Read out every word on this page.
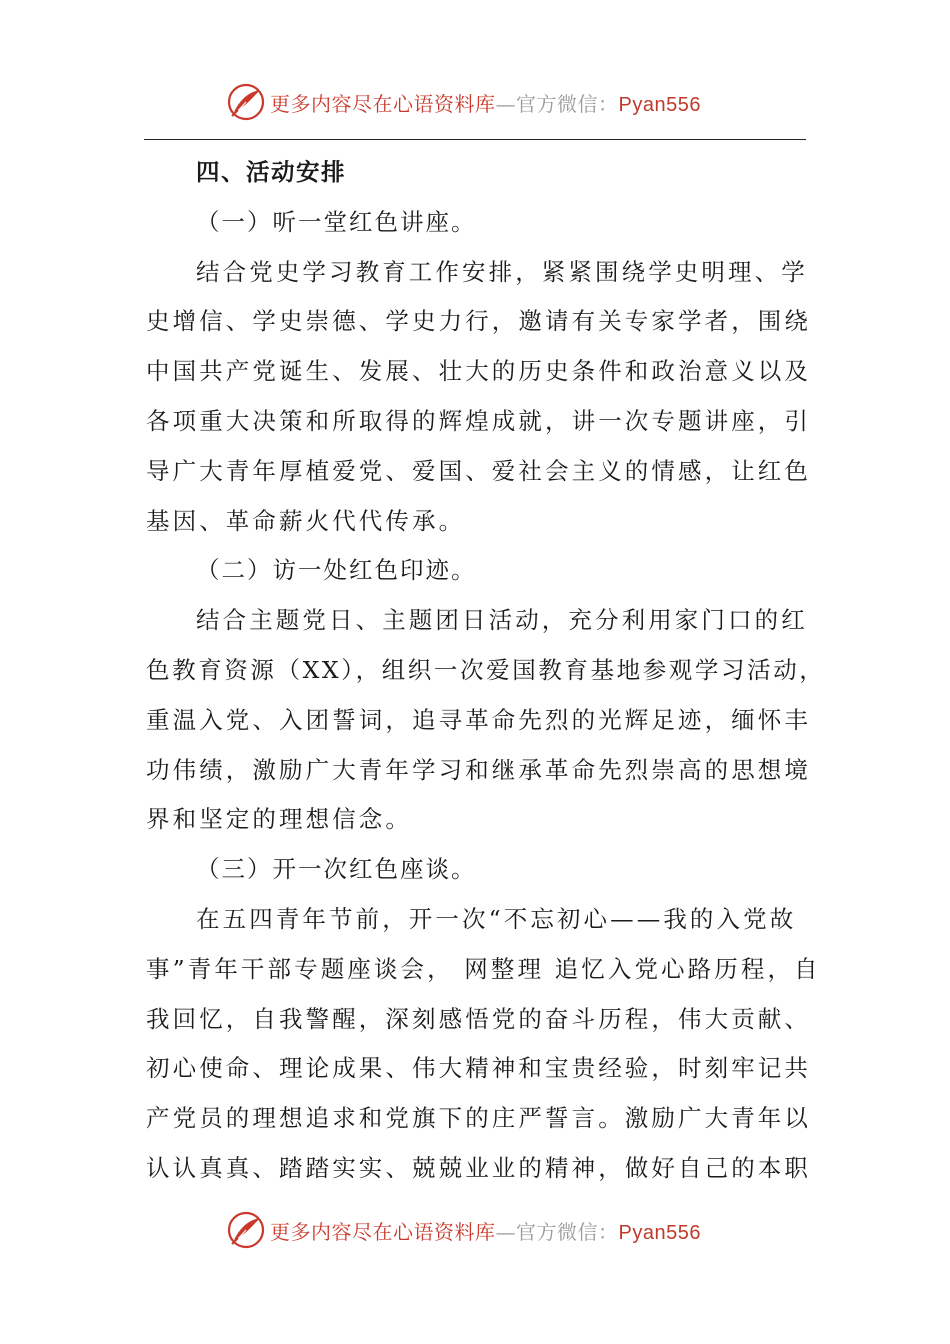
更多内容尽在心语资料库—官方微信：Pyan556
四、活动安排
（一）听一堂红色讲座。
结合党史学习教育工作安排，紧紧围绕学史明理、学
史增信、学史崇德、学史力行，邀请有关专家学者，围绕
中国共产党诞生、发展、壮大的历史条件和政治意义以及
各项重大决策和所取得的辉煌成就，讲一次专题讲座，引
导广大青年厚植爱党、爱国、爱社会主义的情感，让红色
基因、革命薪火代代传承。
（二）访一处红色印迹。
结合主题党日、主题团日活动，充分利用家门口的红
色教育资源（XX），组织一次爱国教育基地参观学习活动，
重温入党、入团誓词，追寻革命先烈的光辉足迹，缅怀丰
功伟绩，激励广大青年学习和继承革命先烈崇高的思想境
界和坚定的理想信念。
（三）开一次红色座谈。
在五四青年节前，开一次“不忘初心——我的入党故
事”青年干部专题座谈会， 网整理 追忆入党心路历程，自
我回忆，自我警醒，深刻感悟党的奋斗历程，伟大贡献、
初心使命、理论成果、伟大精神和宝贵经验，时刻牢记共
产党员的理想追求和党旗下的庄严誓言。激励广大青年以
认认真真、踏踏实实、兢兢业业的精神，做好自己的本职
更多内容尽在心语资料库—官方微信：Pyan556
